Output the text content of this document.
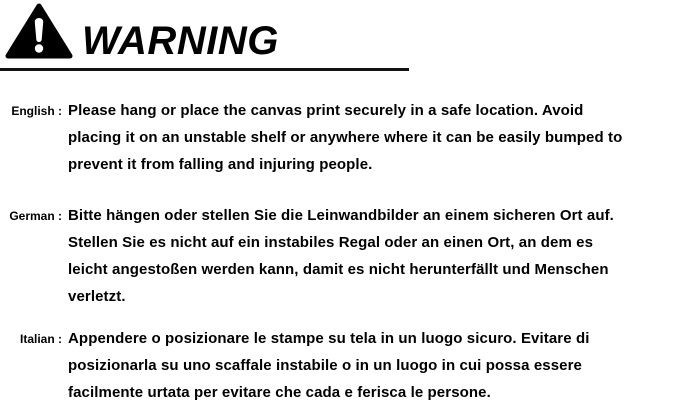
WARNING
English : Please hang or place the canvas print securely in a safe location. Avoid
placing it on an unstable shelf or anywhere where it can be easily bumped to
prevent it from falling and injuring people.
German : Bitte hängen oder stellen Sie die Leinwandbilder an einem sicheren Ort auf.
Stellen Sie es nicht auf ein instabiles Regal oder an einen Ort, an dem es
leicht angestoßen werden kann, damit es nicht herunterfällt und Menschen
verletzt.
Italian : Appendere o posizionare le stampe su tela in un luogo sicuro. Evitare di
posizionarla su uno scaffale instabile o in un luogo in cui possa essere
facilmente urtata per evitare che cada e ferisca le persone.
